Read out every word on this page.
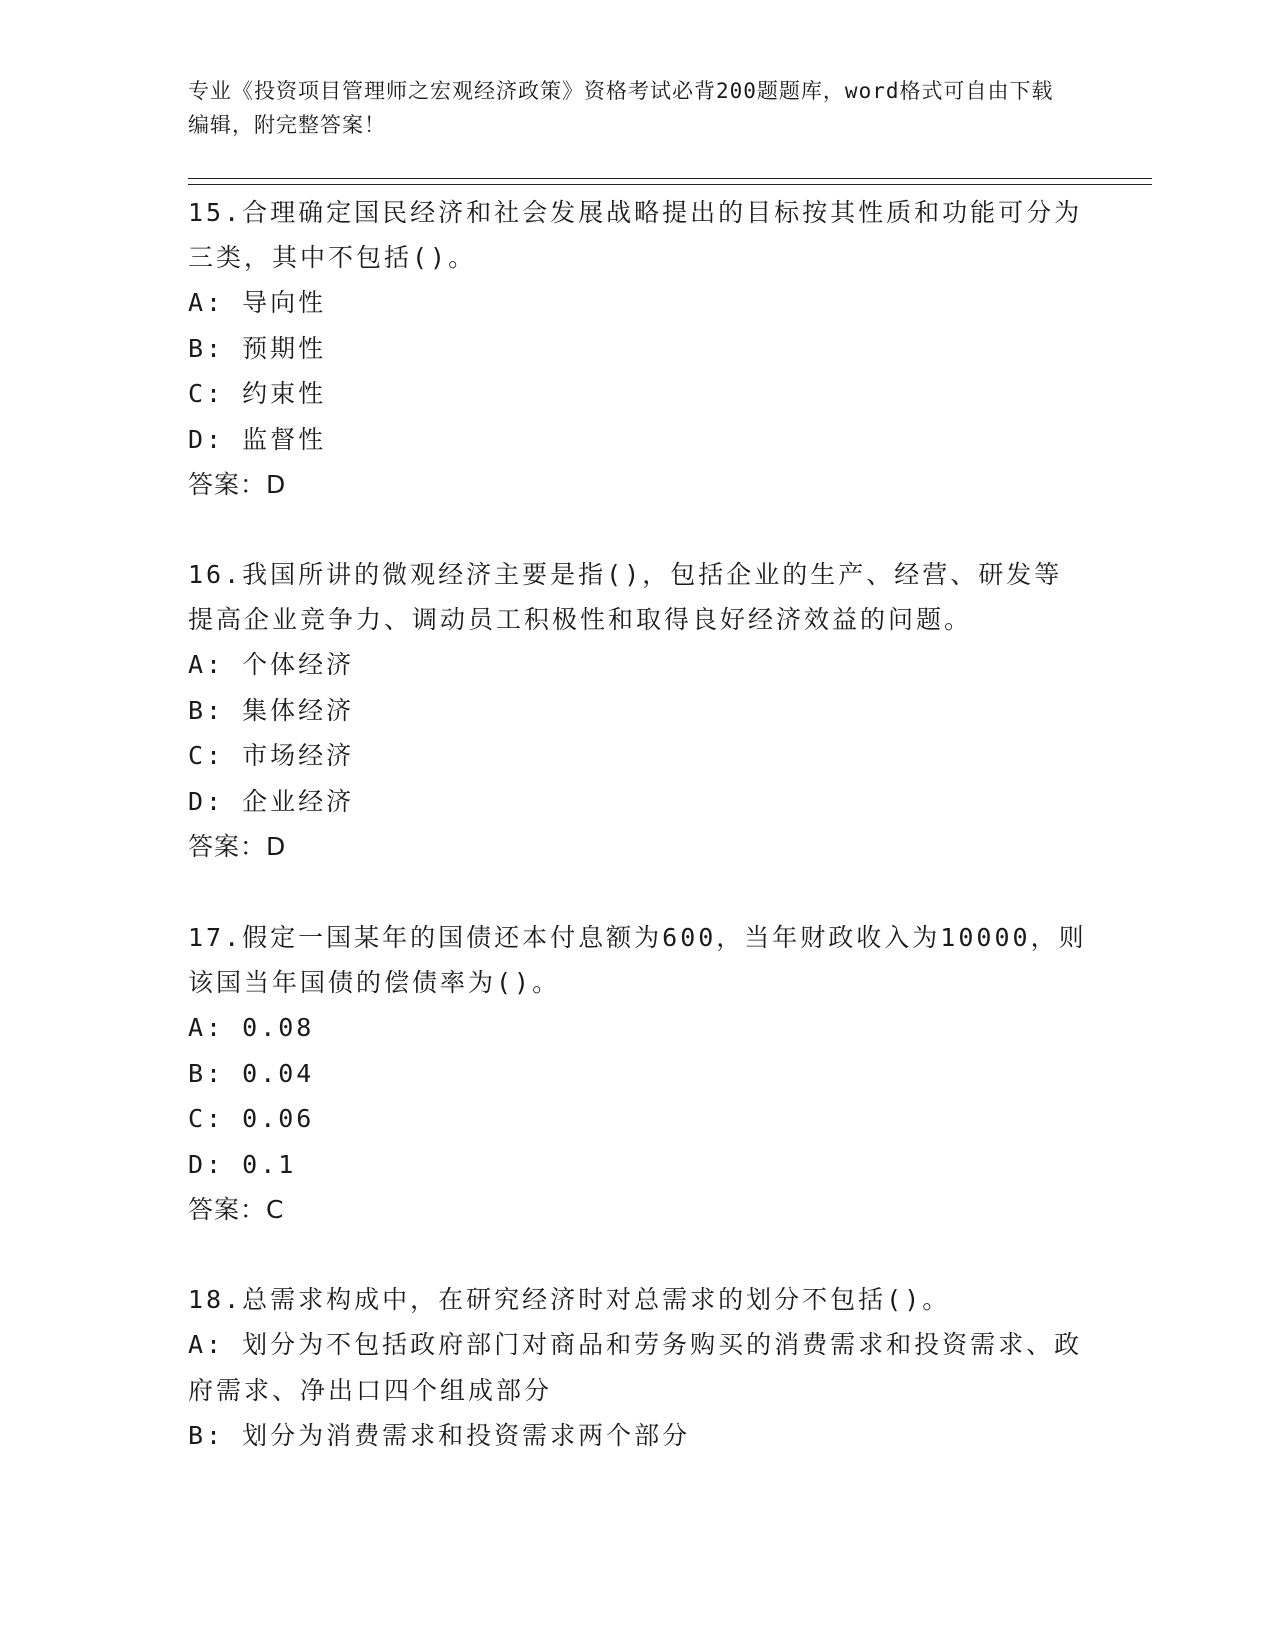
专业《投资项目管理师之宏观经济政策》资格考试必背200题题库，word格式可自由下载编辑，附完整答案！

15.合理确定国民经济和社会发展战略提出的目标按其性质和功能可分为三类，其中不包括()。

A: 导向性

B: 预期性

C: 约束性

D: 监督性

答案：D

16.我国所讲的微观经济主要是指()，包括企业的生产、经营、研发等提高企业竞争力、调动员工积极性和取得良好经济效益的问题。

A: 个体经济

B: 集体经济

C: 市场经济

D: 企业经济

答案：D

17.假定一国某年的国债还本付息额为600，当年财政收入为10000，则该国当年国债的偿债率为()。

A: 0.08

B: 0.04

C: 0.06

D: 0.1

答案：C

18.总需求构成中，在研究经济时对总需求的划分不包括()。

A: 划分为不包括政府部门对商品和劳务购买的消费需求和投资需求、政府需求、净出口四个组成部分

B: 划分为消费需求和投资需求两个部分
